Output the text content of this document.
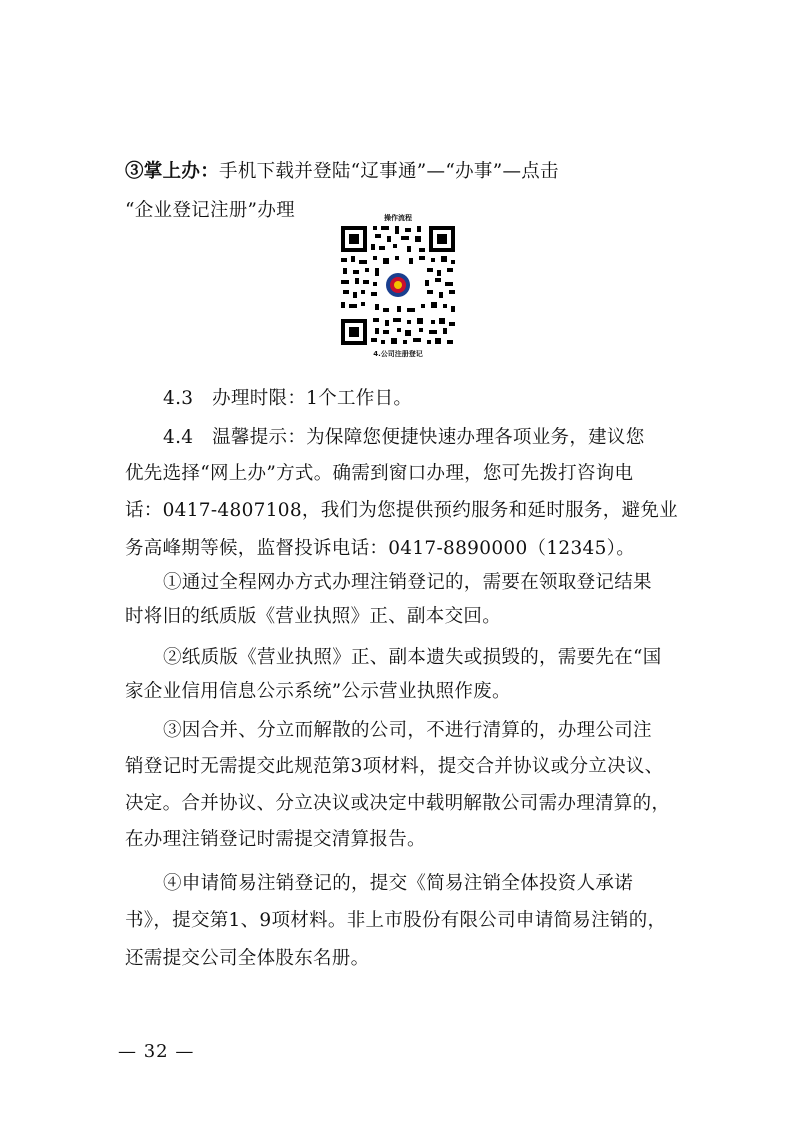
③掌上办：手机下载并登陆“辽事通”—“办事”—点击
“企业登记注册”办理	操作流程
4.公司注册登记
4.3　办理时限：1个工作日。
4.4　温馨提示：为保障您便捷快速办理各项业务，建议您
优先选择“网上办”方式。确需到窗口办理，您可先拨打咨询电
话：0417-4807108，我们为您提供预约服务和延时服务，避免业
务高峰期等候，监督投诉电话：0417-8890000（12345）。
①通过全程网办方式办理注销登记的，需要在领取登记结果
时将旧的纸质版《营业执照》正、副本交回。
②纸质版《营业执照》正、副本遗失或损毁的，需要先在“国
家企业信用信息公示系统”公示营业执照作废。
③因合并、分立而解散的公司，不进行清算的，办理公司注
销登记时无需提交此规范第3项材料，提交合并协议或分立决议、
决定。合并协议、分立决议或决定中载明解散公司需办理清算的，
在办理注销登记时需提交清算报告。
④申请简易注销登记的，提交《简易注销全体投资人承诺
书》，提交第1、9项材料。非上市股份有限公司申请简易注销的，
还需提交公司全体股东名册。
— 32 —
